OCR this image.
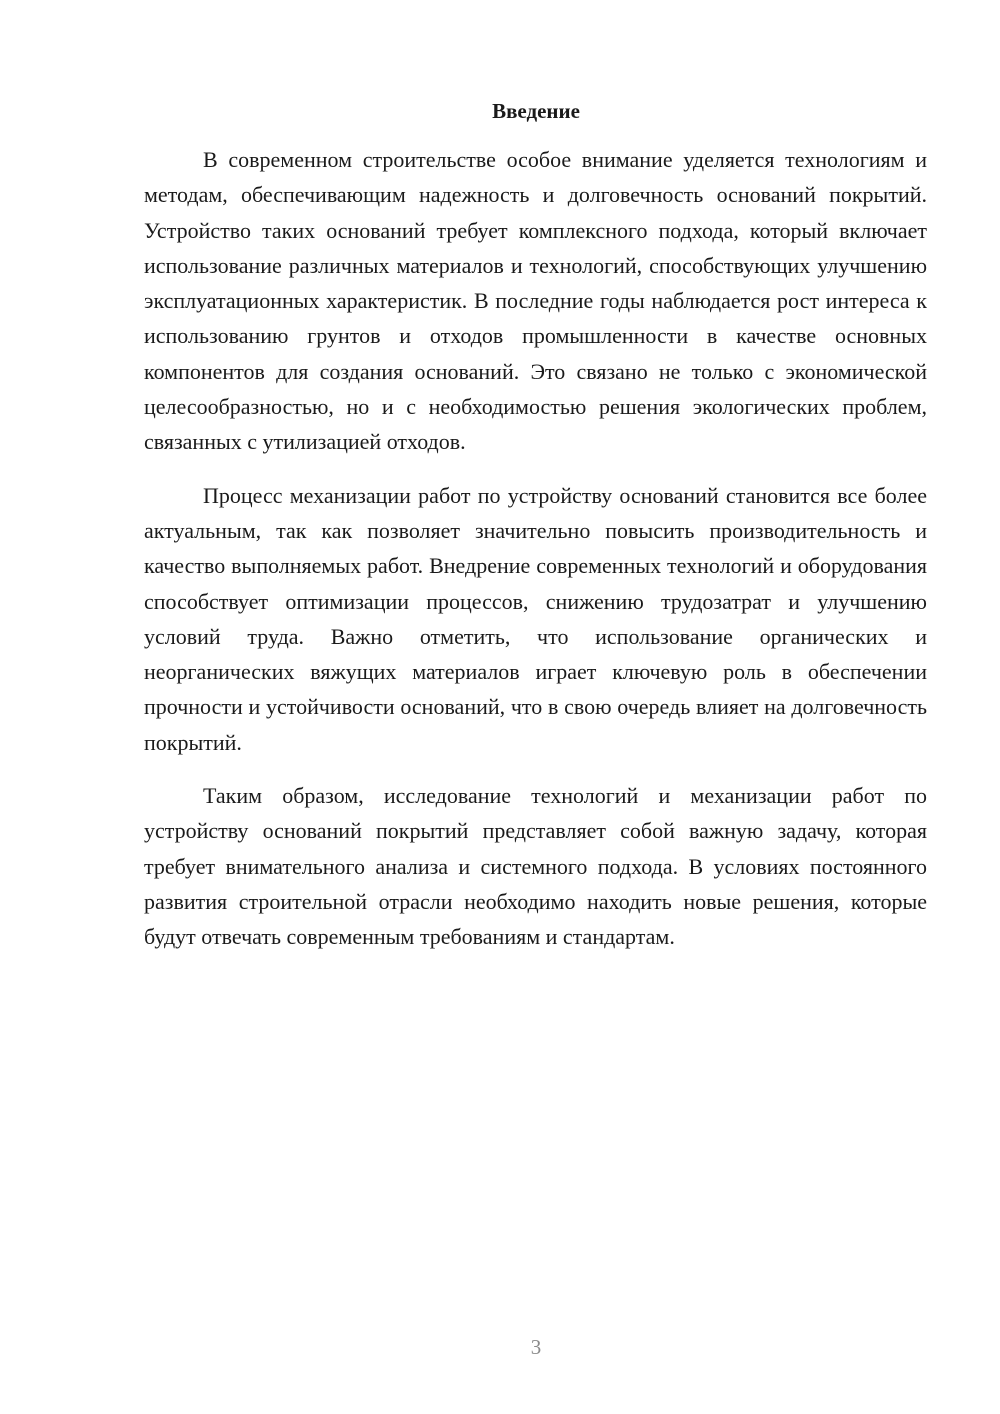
Введение

В современном строительстве особое внимание уделяется технологиям и методам, обеспечивающим надежность и долговечность оснований покрытий. Устройство таких оснований требует комплексного подхода, который включает использование различных материалов и технологий, способствующих улучшению эксплуатационных характеристик. В последние годы наблюдается рост интереса к использованию грунтов и отходов промышленности в качестве основных компонентов для создания оснований. Это связано не только с экономической целесообразностью, но и с необходимостью решения экологических проблем, связанных с утилизацией отходов.

Процесс механизации работ по устройству оснований становится все более актуальным, так как позволяет значительно повысить производительность и качество выполняемых работ. Внедрение современных технологий и оборудования способствует оптимизации процессов, снижению трудозатрат и улучшению условий труда. Важно отметить, что использование органических и неорганических вяжущих материалов играет ключевую роль в обеспечении прочности и устойчивости оснований, что в свою очередь влияет на долговечность покрытий.

Таким образом, исследование технологий и механизации работ по устройству оснований покрытий представляет собой важную задачу, которая требует внимательного анализа и системного подхода. В условиях постоянного развития строительной отрасли необходимо находить новые решения, которые будут отвечать современным требованиям и стандартам.

3
